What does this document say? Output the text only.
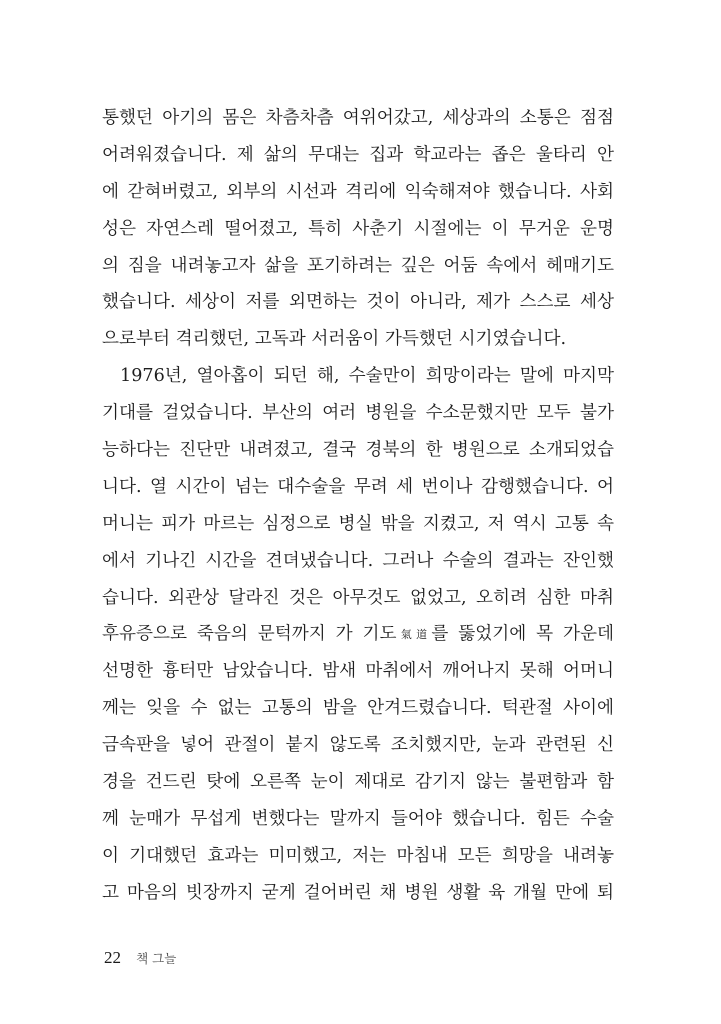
통했던 아기의 몸은 차츰차츰 여위어갔고, 세상과의 소통은 점점
어려워졌습니다. 제 삶의 무대는 집과 학교라는 좁은 울타리 안
에 갇혀버렸고, 외부의 시선과 격리에 익숙해져야 했습니다. 사회
성은 자연스레 떨어졌고, 특히 사춘기 시절에는 이 무거운 운명
의 짐을 내려놓고자 삶을 포기하려는 깊은 어둠 속에서 헤매기도
했습니다. 세상이 저를 외면하는 것이 아니라, 제가 스스로 세상
으로부터 격리했던, 고독과 서러움이 가득했던 시기였습니다.
1976년, 열아홉이 되던 해, 수술만이 희망이라는 말에 마지막
기대를 걸었습니다. 부산의 여러 병원을 수소문했지만 모두 불가
능하다는 진단만 내려졌고, 결국 경북의 한 병원으로 소개되었습
니다. 열 시간이 넘는 대수술을 무려 세 번이나 감행했습니다. 어
머니는 피가 마르는 심정으로 병실 밖을 지켰고, 저 역시 고통 속
에서 기나긴 시간을 견뎌냈습니다. 그러나 수술의 결과는 잔인했
습니다. 외관상 달라진 것은 아무것도 없었고, 오히려 심한 마취
후유증으로 죽음의 문턱까지 가 기도氣道를 뚫었기에 목 가운데
선명한 흉터만 남았습니다. 밤새 마취에서 깨어나지 못해 어머니
께는 잊을 수 없는 고통의 밤을 안겨드렸습니다. 턱관절 사이에
금속판을 넣어 관절이 붙지 않도록 조치했지만, 눈과 관련된 신
경을 건드린 탓에 오른쪽 눈이 제대로 감기지 않는 불편함과 함
께 눈매가 무섭게 변했다는 말까지 들어야 했습니다. 힘든 수술
이 기대했던 효과는 미미했고, 저는 마침내 모든 희망을 내려놓
고 마음의 빗장까지 굳게 걸어버린 채 병원 생활 육 개월 만에 퇴
22 책 그늘
